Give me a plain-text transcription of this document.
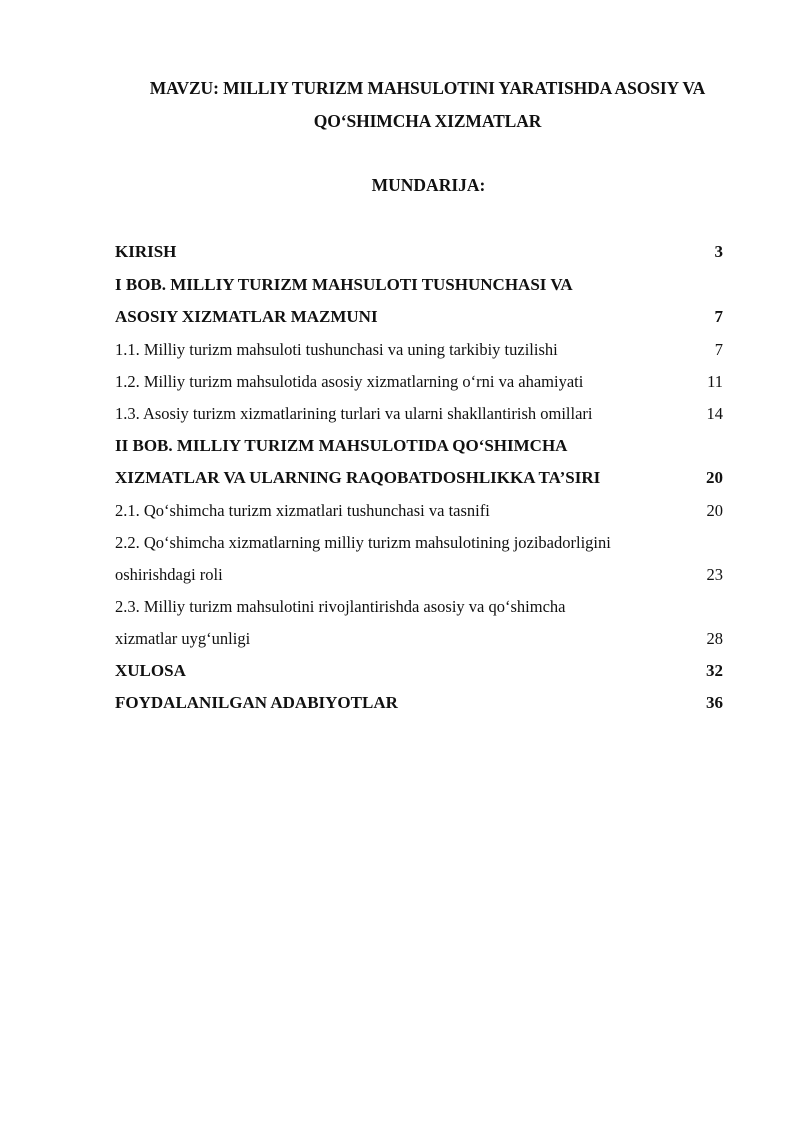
MAVZU: MILLIY TURIZM MAHSULOTINI YARATISHDA ASOSIY VA QO‘SHIMCHA XIZMATLAR
MUNDARIJA:
KIRISH	3
I BOB. MILLIY TURIZM MAHSULOTI TUSHUNCHASI VA
ASOSIY XIZMATLAR MAZMUNI	7
1.1. Milliy turizm mahsuloti tushunchasi va uning tarkibiy tuzilishi	7
1.2. Milliy turizm mahsulotida asosiy xizmatlarning o‘rni va ahamiyati	11
1.3. Asosiy turizm xizmatlarining turlari va ularni shakllantirish omillari	14
II BOB. MILLIY TURIZM MAHSULOTIDA QO‘SHIMCHA
XIZMATLAR VA ULARNING RAQOBATDOSHLIKKA TA’SIRI	20
2.1. Qo‘shimcha turizm xizmatlari tushunchasi va tasnifi	20
2.2. Qo‘shimcha xizmatlarning milliy turizm mahsulotining jozibadorligini
oshirishdagi roli	23
2.3. Milliy turizm mahsulotini rivojlantirishda asosiy va qo‘shimcha
xizmatlar uyg‘unligi	28
XULOSA	32
FOYDALANILGAN ADABIYOTLAR	36
